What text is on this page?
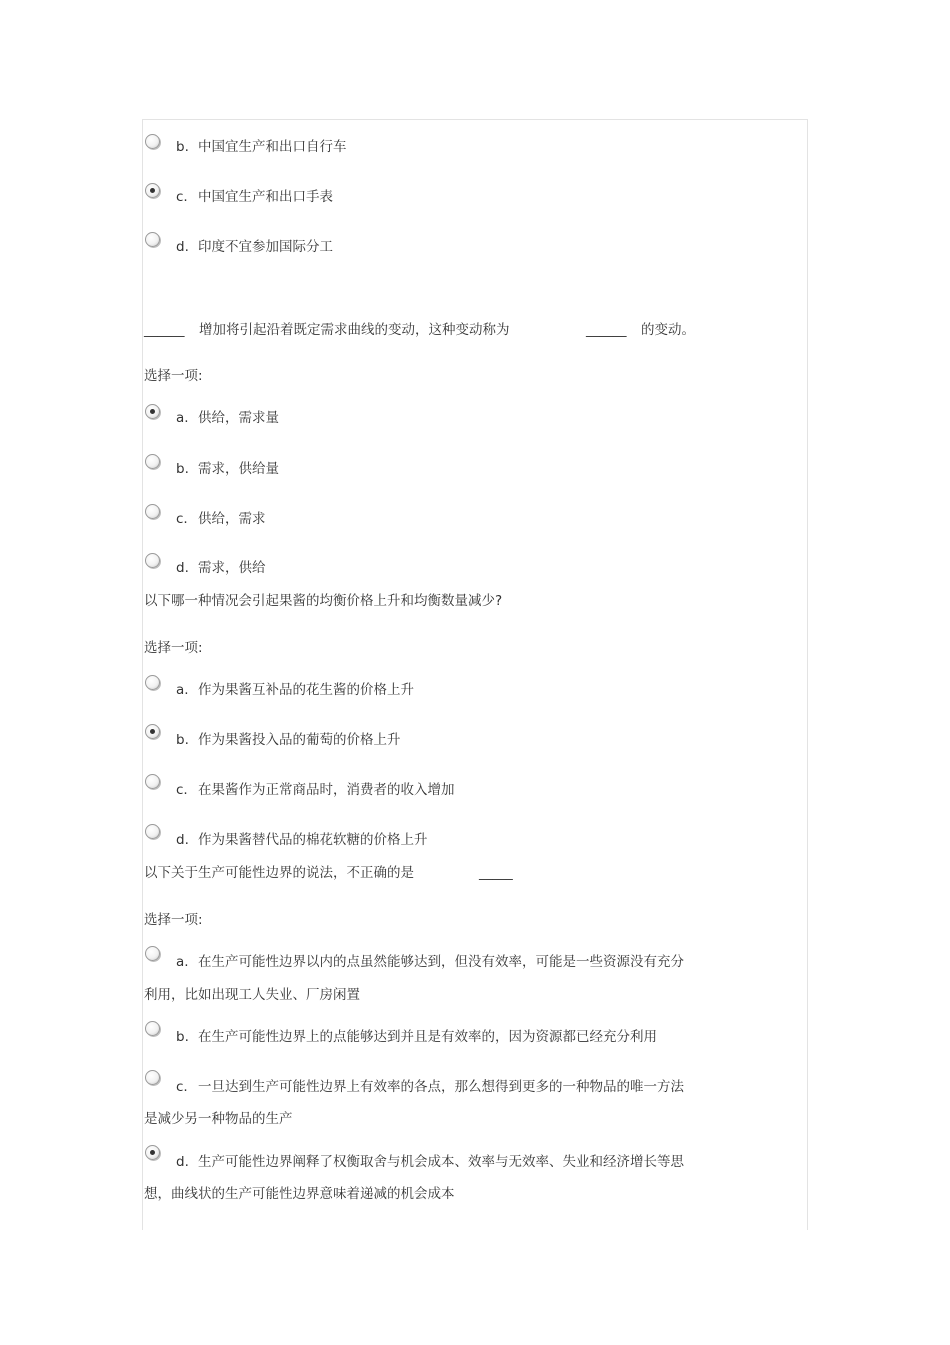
b. 中国宜生产和出口自行车
c. 中国宜生产和出口手表
d. 印度不宜参加国际分工
______ 增加将引起沿着既定需求曲线的变动，这种变动称为	______ 的变动。
选择一项:
a. 供给，需求量
b. 需求，供给量
c. 供给，需求
d. 需求，供给
以下哪一种情况会引起果酱的均衡价格上升和均衡数量减少?
选择一项:
a. 作为果酱互补品的花生酱的价格上升
b. 作为果酱投入品的葡萄的价格上升
c. 在果酱作为正常商品时，消费者的收入增加
d. 作为果酱替代品的棉花软糖的价格上升
以下关于生产可能性边界的说法，不正确的是	_____
选择一项:
a. 在生产可能性边界以内的点虽然能够达到，但没有效率，可能是一些资源没有充分
利用，比如出现工人失业、厂房闲置
b. 在生产可能性边界上的点能够达到并且是有效率的，因为资源都已经充分利用
c. 一旦达到生产可能性边界上有效率的各点，那么想得到更多的一种物品的唯一方法
是减少另一种物品的生产
d. 生产可能性边界阐释了权衡取舍与机会成本、效率与无效率、失业和经济增长等思
想，曲线状的生产可能性边界意味着递减的机会成本
